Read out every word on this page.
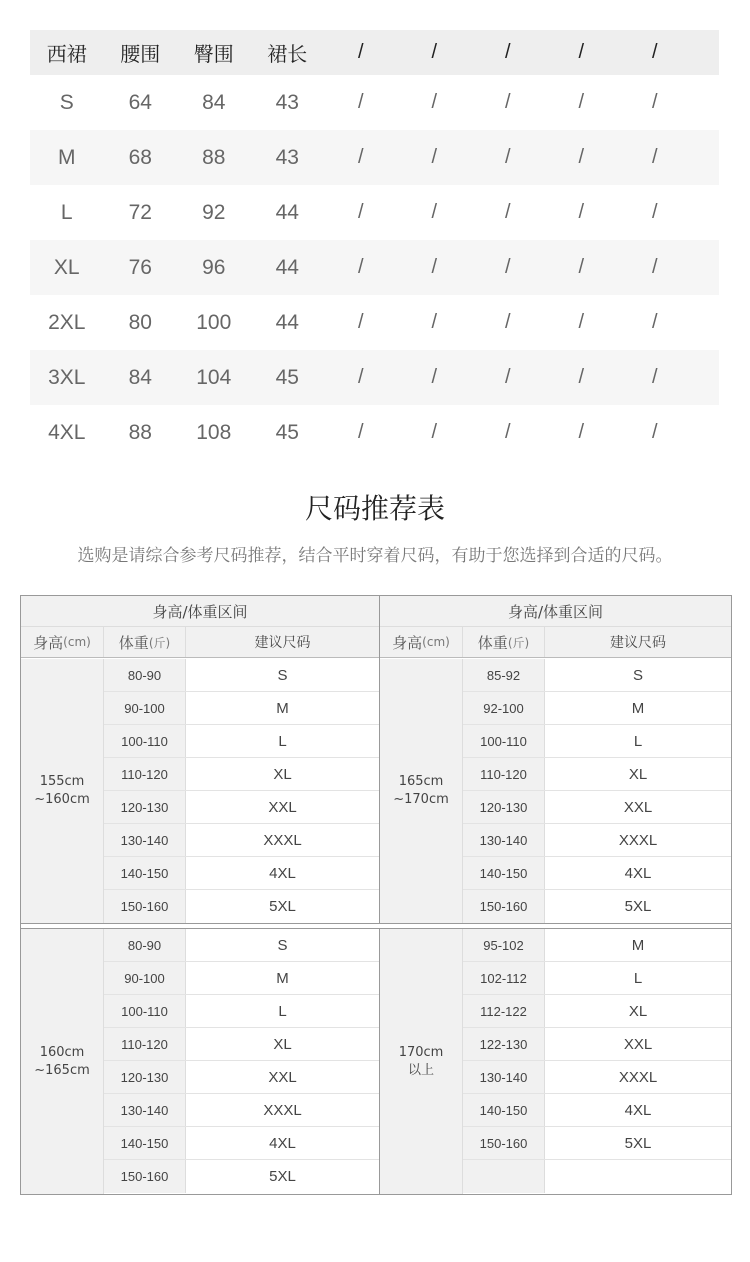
西裙	腰围	臀围	裙长	/	/	/	/	/
S	64	84	43	/	/	/	/	/
M	68	88	43	/	/	/	/	/
L	72	92	44	/	/	/	/	/
XL	76	96	44	/	/	/	/	/
2XL	80	100	44	/	/	/	/	/
3XL	84	104	45	/	/	/	/	/
4XL	88	108	45	/	/	/	/	/
尺码推荐表
选购是请综合参考尺码推荐，结合平时穿着尺码，有助于您选择到合适的尺码。
身高/体重区间
身高 (cm) 体重 (斤)	建议尺码
155cm
~160cm
80-90	S
90-100	M
100-110	L
110-120	XL
120-130	XXL
130-140	XXXL
140-150	4XL
150-160	5XL
身高/体重区间
身高 (cm) 体重 (斤)	建议尺码
165cm
~170cm
85-92	S
92-100	M
100-110	L
110-120	XL
120-130	XXL
130-140	XXXL
140-150	4XL
150-160	5XL
160cm
~165cm
80-90	S
90-100	M
100-110	L
110-120	XL
120-130	XXL
130-140	XXXL
140-150	4XL
150-160	5XL
170cm
以上
95-102	M
102-112	L
112-122	XL
122-130	XXL
130-140	XXXL
140-150	4XL
150-160	5XL
